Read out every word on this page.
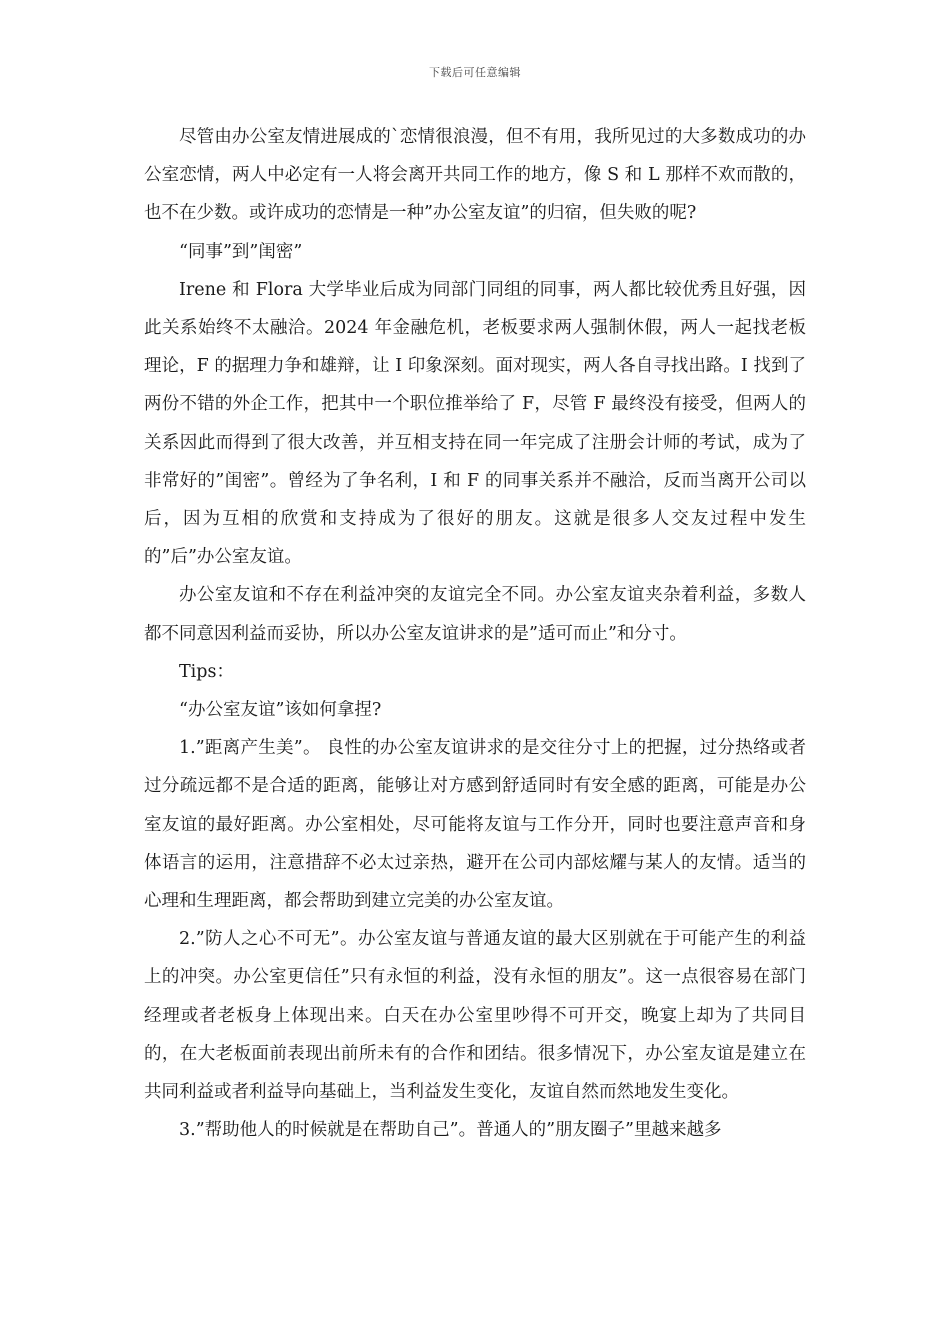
下载后可任意编辑

尽管由办公室友情进展成的`恋情很浪漫，但不有用，我所见过的大多数成功的办公室恋情，两人中必定有一人将会离开共同工作的地方，像 S 和 L 那样不欢而散的，也不在少数。或许成功的恋情是一种”办公室友谊”的归宿，但失败的呢?

“同事”到”闺密”

Irene 和 Flora 大学毕业后成为同部门同组的同事，两人都比较优秀且好强，因此关系始终不太融洽。2024 年金融危机，老板要求两人强制休假，两人一起找老板理论，F 的据理力争和雄辩，让 I 印象深刻。面对现实，两人各自寻找出路。I 找到了两份不错的外企工作，把其中一个职位推举给了 F，尽管 F 最终没有接受，但两人的关系因此而得到了很大改善，并互相支持在同一年完成了注册会计师的考试，成为了非常好的”闺密”。曾经为了争名利，I 和 F 的同事关系并不融洽，反而当离开公司以后，因为互相的欣赏和支持成为了很好的朋友。这就是很多人交友过程中发生的”后”办公室友谊。

办公室友谊和不存在利益冲突的友谊完全不同。办公室友谊夹杂着利益，多数人都不同意因利益而妥协，所以办公室友谊讲求的是”适可而止”和分寸。

Tips：

“办公室友谊”该如何拿捏?

1.”距离产生美”。 良性的办公室友谊讲求的是交往分寸上的把握，过分热络或者过分疏远都不是合适的距离，能够让对方感到舒适同时有安全感的距离，可能是办公室友谊的最好距离。办公室相处，尽可能将友谊与工作分开，同时也要注意声音和身体语言的运用，注意措辞不必太过亲热，避开在公司内部炫耀与某人的友情。适当的心理和生理距离，都会帮助到建立完美的办公室友谊。

2.”防人之心不可无”。办公室友谊与普通友谊的最大区别就在于可能产生的利益上的冲突。办公室更信任”只有永恒的利益，没有永恒的朋友”。这一点很容易在部门经理或者老板身上体现出来。白天在办公室里吵得不可开交，晚宴上却为了共同目的，在大老板面前表现出前所未有的合作和团结。很多情况下，办公室友谊是建立在共同利益或者利益导向基础上，当利益发生变化，友谊自然而然地发生变化。

3.”帮助他人的时候就是在帮助自己”。普通人的”朋友圈子”里越来越多
